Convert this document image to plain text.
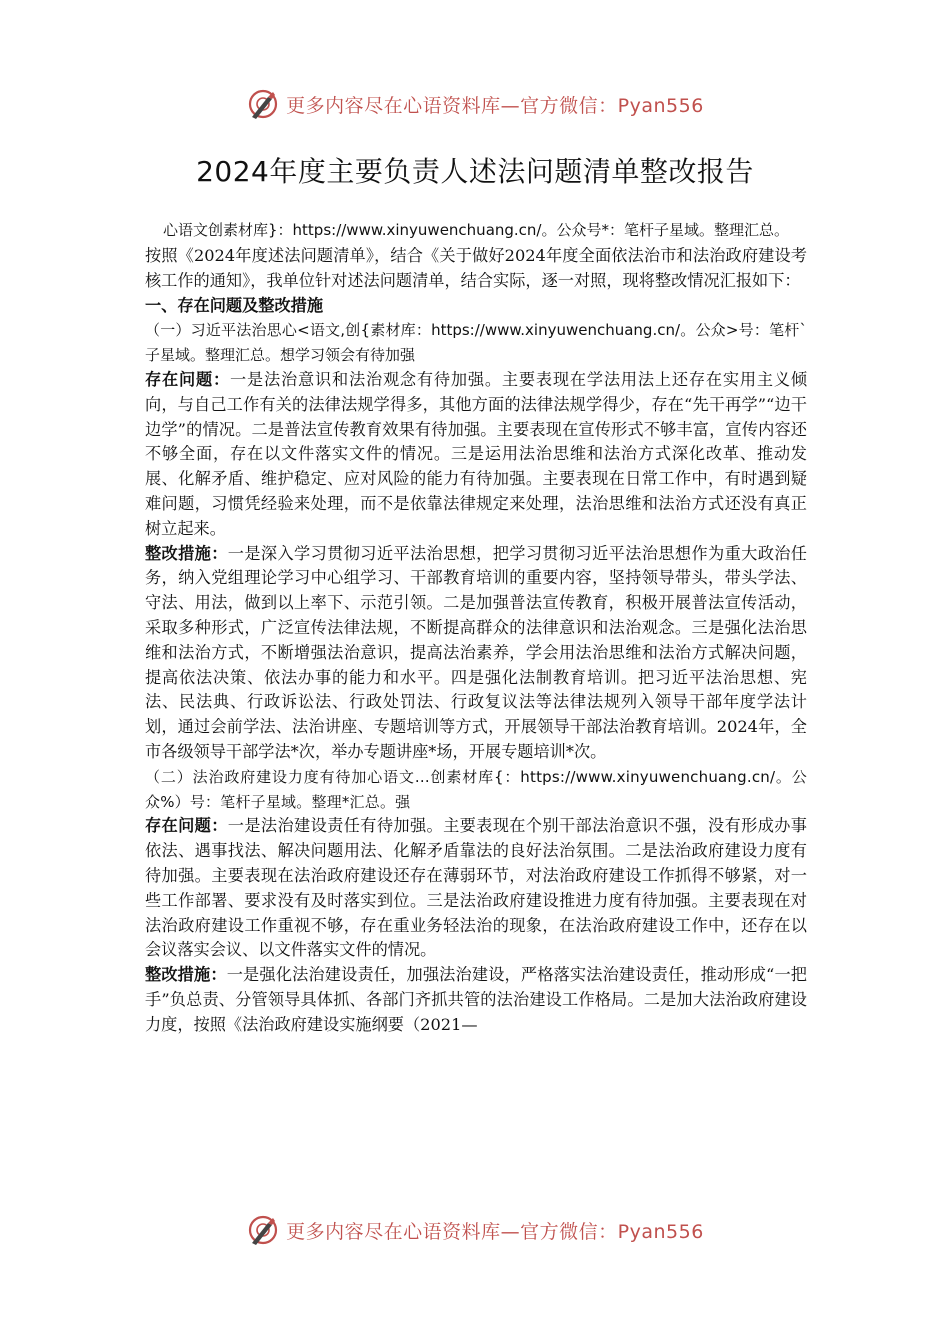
更多内容尽在心语资料库—官方微信：Pyan556
2024年度主要负责人述法问题清单整改报告

心语文创素材库}：https://www.xinyuwenchuang.cn/。公众号*：笔杆子星域。整理汇总。

按照《2024年度述法问题清单》，结合《关于做好2024年度全面依法治市和法治政府建设考核工作的通知》，我单位针对述法问题清单，结合实际，逐一对照，现将整改情况汇报如下：

一、存在问题及整改措施

（一）习近平法治思心<语文,创{素材库：https://www.xinyuwenchuang.cn/。公众>号：笔杆`子星域。整理汇总。想学习领会有待加强

存在问题：一是法治意识和法治观念有待加强。主要表现在学法用法上还存在实用主义倾向，与自己工作有关的法律法规学得多，其他方面的法律法规学得少，存在“先干再学”“边干边学”的情况。二是普法宣传教育效果有待加强。主要表现在宣传形式不够丰富，宣传内容还不够全面，存在以文件落实文件的情况。三是运用法治思维和法治方式深化改革、推动发展、化解矛盾、维护稳定、应对风险的能力有待加强。主要表现在日常工作中，有时遇到疑难问题，习惯凭经验来处理，而不是依靠法律规定来处理，法治思维和法治方式还没有真正树立起来。

整改措施：一是深入学习贯彻习近平法治思想，把学习贯彻习近平法治思想作为重大政治任务，纳入党组理论学习中心组学习、干部教育培训的重要内容，坚持领导带头，带头学法、守法、用法，做到以上率下、示范引领。二是加强普法宣传教育，积极开展普法宣传活动，采取多种形式，广泛宣传法律法规，不断提高群众的法律意识和法治观念。三是强化法治思维和法治方式，不断增强法治意识，提高法治素养，学会用法治思维和法治方式解决问题，提高依法决策、依法办事的能力和水平。四是强化法制教育培训。把习近平法治思想、宪法、民法典、行政诉讼法、行政处罚法、行政复议法等法律法规列入领导干部年度学法计划，通过会前学法、法治讲座、专题培训等方式，开展领导干部法治教育培训。2024年，全市各级领导干部学法*次，举办专题讲座*场，开展专题培训*次。

（二）法治政府建设力度有待加心语文...创素材库{：https://www.xinyuwenchuang.cn/。公众%）号：笔杆子星域。整理*汇总。强

存在问题：一是法治建设责任有待加强。主要表现在个别干部法治意识不强，没有形成办事依法、遇事找法、解决问题用法、化解矛盾靠法的良好法治氛围。二是法治政府建设力度有待加强。主要表现在法治政府建设还存在薄弱环节，对法治政府建设工作抓得不够紧，对一些工作部署、要求没有及时落实到位。三是法治政府建设推进力度有待加强。主要表现在对法治政府建设工作重视不够，存在重业务轻法治的现象，在法治政府建设工作中，还存在以会议落实会议、以文件落实文件的情况。

整改措施：一是强化法治建设责任，加强法治建设，严格落实法治建设责任，推动形成“一把手”负总责、分管领导具体抓、各部门齐抓共管的法治建设工作格局。二是加大法治政府建设力度，按照《法治政府建设实施纲要（2021—

更多内容尽在心语资料库—官方微信：Pyan556
